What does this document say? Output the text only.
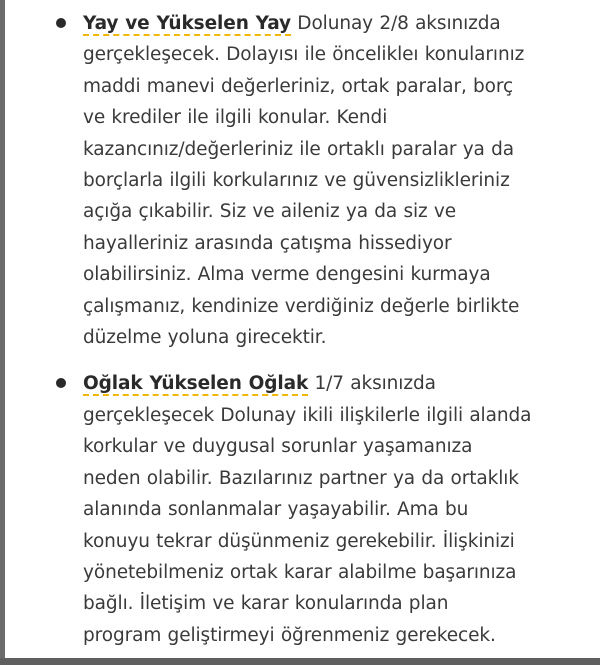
Yay ve Yükselen Yay Dolunay 2/8 aksınızda
gerçekleşecek. Dolayısı ile öncelikleı konularınız
maddi manevi değerleriniz, ortak paralar, borç
ve krediler ile ilgili konular. Kendi
kazancınız/değerleriniz ile ortaklı paralar ya da
borçlarla ilgili korkularınız ve güvensizlikleriniz
açığa çıkabilir. Siz ve aileniz ya da siz ve
hayalleriniz arasında çatışma hissediyor
olabilirsiniz. Alma verme dengesini kurmaya
çalışmanız, kendinize verdiğiniz değerle birlikte
düzelme yoluna girecektir.
Oğlak Yükselen Oğlak 1/7 aksınızda
gerçekleşecek Dolunay ikili ilişkilerle ilgili alanda
korkular ve duygusal sorunlar yaşamanıza
neden olabilir. Bazılarınız partner ya da ortaklık
alanında sonlanmalar yaşayabilir. Ama bu
konuyu tekrar düşünmeniz gerekebilir. İlişkinizi
yönetebilmeniz ortak karar alabilme başarınıza
bağlı. İletişim ve karar konularında plan
program geliştirmeyi öğrenmeniz gerekecek.
